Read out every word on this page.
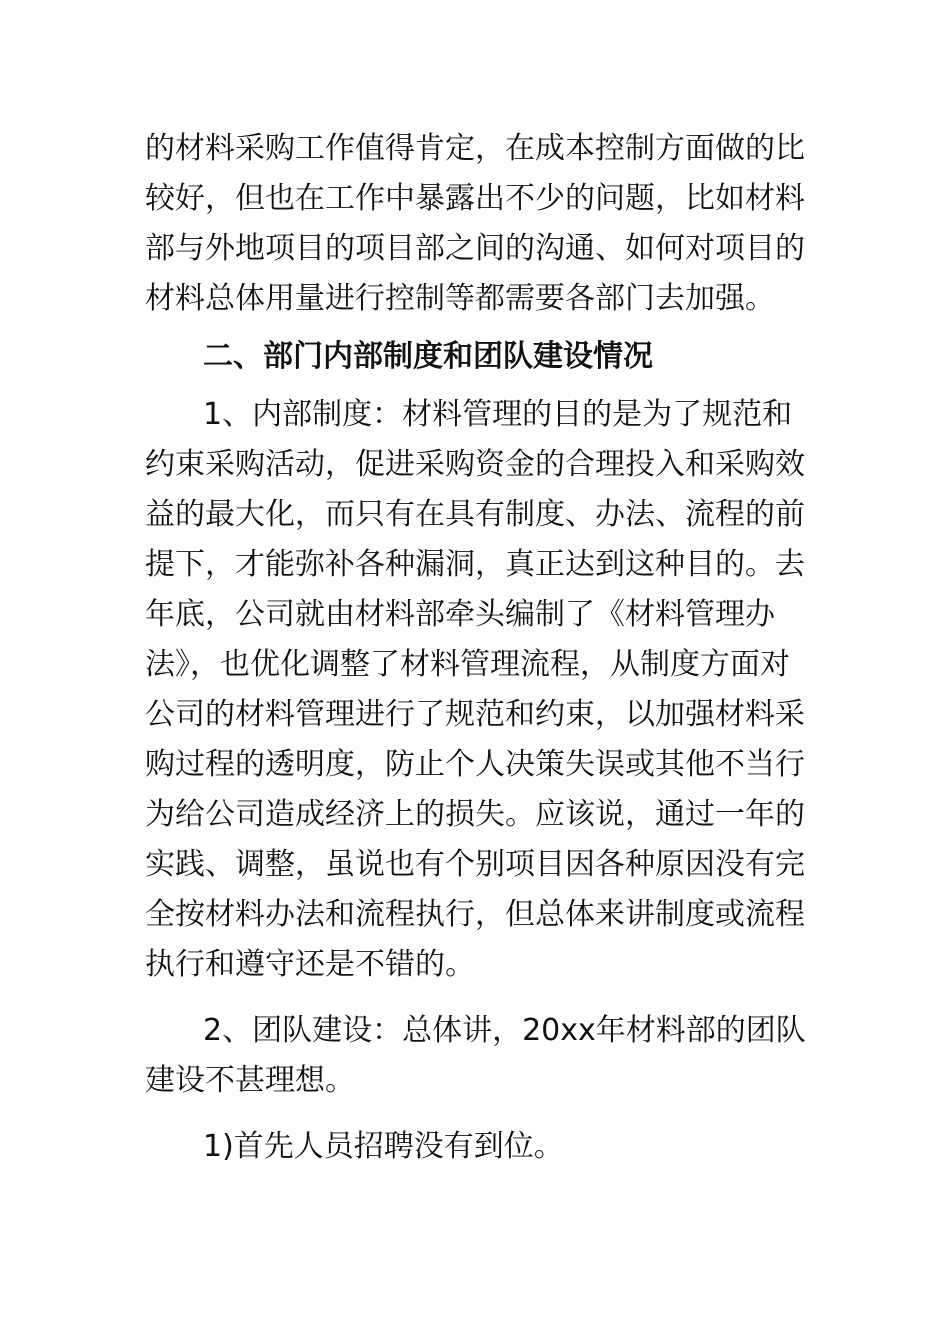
的材料采购工作值得肯定，在成本控制方面做的比较好，但也在工作中暴露出不少的问题，比如材料部与外地项目的项目部之间的沟通、如何对项目的材料总体用量进行控制等都需要各部门去加强。

二、部门内部制度和团队建设情况

1、内部制度：材料管理的目的是为了规范和约束采购活动，促进采购资金的合理投入和采购效益的最大化，而只有在具有制度、办法、流程的前提下，才能弥补各种漏洞，真正达到这种目的。去年底，公司就由材料部牵头编制了《材料管理办法》，也优化调整了材料管理流程，从制度方面对公司的材料管理进行了规范和约束，以加强材料采购过程的透明度，防止个人决策失误或其他不当行为给公司造成经济上的损失。应该说，通过一年的实践、调整，虽说也有个别项目因各种原因没有完全按材料办法和流程执行，但总体来讲制度或流程执行和遵守还是不错的。

2、团队建设：总体讲，20xx年材料部的团队建设不甚理想。

1)首先人员招聘没有到位。
